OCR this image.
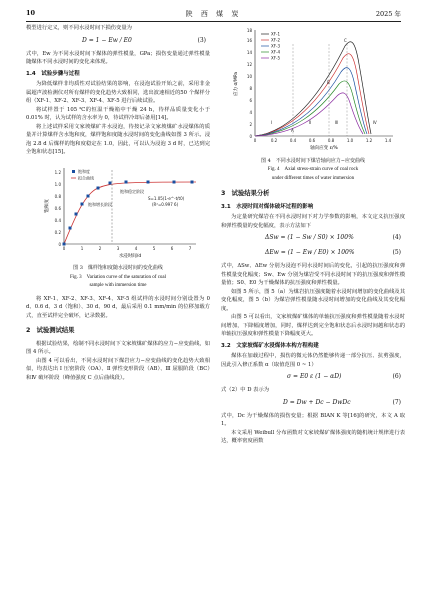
10	陕 西 煤 炭	2025 年

模型进行定义，则不同水浸时间下损伤变量为

D = 1 − Ew / E0	(3)

式中，Ew 为不同水浸时间下煤体的弹性模量，GPa；损伤变量通过弹性模量随煤体不同水浸时间的变化来体现。

1.4　试验步骤与过程

为降低煤样非均质性对试验结果的影响，在浸泡试验开始之前，采用非金属超声波检测仪对所有煤样的变化趋势大致相同，选出波速相近的50 个煤样分组（XF-1、XF-2、XF-3、XF-4、XF-5 进行后续试验。

将试样置于 105 ℃的恒温干燥箱中干燥 24 h，待样品质量变化小于 0.01% 时，认为试样的含水率为 0，待试样冷却后备用[14]。

将上述试样采用文家坡煤矿井水浸泡，待按记录文家坡煤矿水浸煤体的质量并计算煤样含水饱和度，煤样饱和度随水浸时间的变化曲线如图 3 所示。浸泡 2.8 d 后煤样的饱和度稳定在 1.0，因此，可以认为浸泡 3 d 时，已达到完全饱和状态[15]。

0
0.2
0.4
0.6
0.8
1.0
1.2
0	1	2	3	4	5	6	7
水浸时间/d
饱和度
饱和度
拟合曲线
饱和增长阶段
饱和稳定阶段
S=1.05(1-e^-t/t0)
(R²=0.997 6)
图 3　煤样饱和度随水浸时间的变化曲线
Fig. 3　Variation curve of the saturation of coal
sample with immersion time

将 XF-1、XF-2、XF-3、XF-4、XF-5 组试样的水浸时间分别设置为 0 d、0.6 d、3 d（饱和）、30 d、90 d，最后采用 0.1 mm/min 的位移加载方式，直至试样完全破坏，记录数据。

2　试验测试结果

根据试验结果，绘制不同水浸时间下文家坡煤矿煤体的应力−应变曲线，如图 4 所示。

由图 4 可以看出，不同水浸时间下煤岩应力−应变曲线的变化趋势大致相似，均表达出 Ⅰ 压密阶段（OA）、Ⅱ 弹性变形阶段（AB）、Ⅲ 屈服阶段（BC）和Ⅳ 破坏阶段（峰值强度 C 点后曲线段）。

0
2
4
6
8
10
12
14
16
18
0	0.2	0.4	0.6	0.8	1.0	1.2	1.4
轴向应变 ε/%
应力 σ/MPa
A
B
C
Ⅰ	Ⅱ	Ⅲ	Ⅳ
XF-1
XF-2
XF-3
XF-4
XF-5
图 4　不同水浸时间下煤岩轴向应力−应变曲线
Fig. 4　Axial stress-strain curve of coal rock
under different times of water immersion
3　试验结果分析
3.1　水浸时间对煤体破坏过程的影响

为定量研究煤岩在不同水浸时间下对力学参数的影响，本文定义抗压强度和弹性模量的变化幅度，表示方法如下

ΔSw = (1 − Sw / S0) × 100%	(4)
ΔEw = (1 − Ew / E0) × 100%	(5)

式中，ΔSw、ΔEw 分别为浸泡不同水浸时间后的变化，引起的抗压强度和弹性模量变化幅度；Sw、Ew 分别为煤岩受不同水浸时间下的抗压强度和弹性模量值；S0、E0 为干燥煤体的抗压强度和弹性模量。

如图 5 所示，图 5（a）为煤岩抗压强度随着水浸时间增加的变化曲线及其变化幅度，图 5（b）为煤岩弹性模量随水浸时间增加的变化曲线及其变化幅度。

由图 5 可以看出，文家坡煤矿煤体的单轴抗压强度和弹性模量随着水浸时间增加，下降幅度增加，同时，煤样达到完全饱和状态后水浸时间越和状态的单轴抗压强度和弹性模量下降幅度更大。

3.2　文家坡煤矿水浸煤体本构方程构建

煤体在加载过程中，损伤的微元体仍然能够传递一部分抗压、抗剪强度，因此引入修正系数 α（取值范围 0 ~ 1）

σ = E0 ε (1 − αD)	(6)

式（2）中 D 表示为

D = Dw + Dc − DwDc	(7)

式中，Dc 为干燥煤体的损伤变量；根据 BIAN K 等[16]的研究，本文 A 取 1。

本文采用 Weibull 分布函数对文家坡煤矿煤体强度的随机统计规律进行表达，概率密度函数
